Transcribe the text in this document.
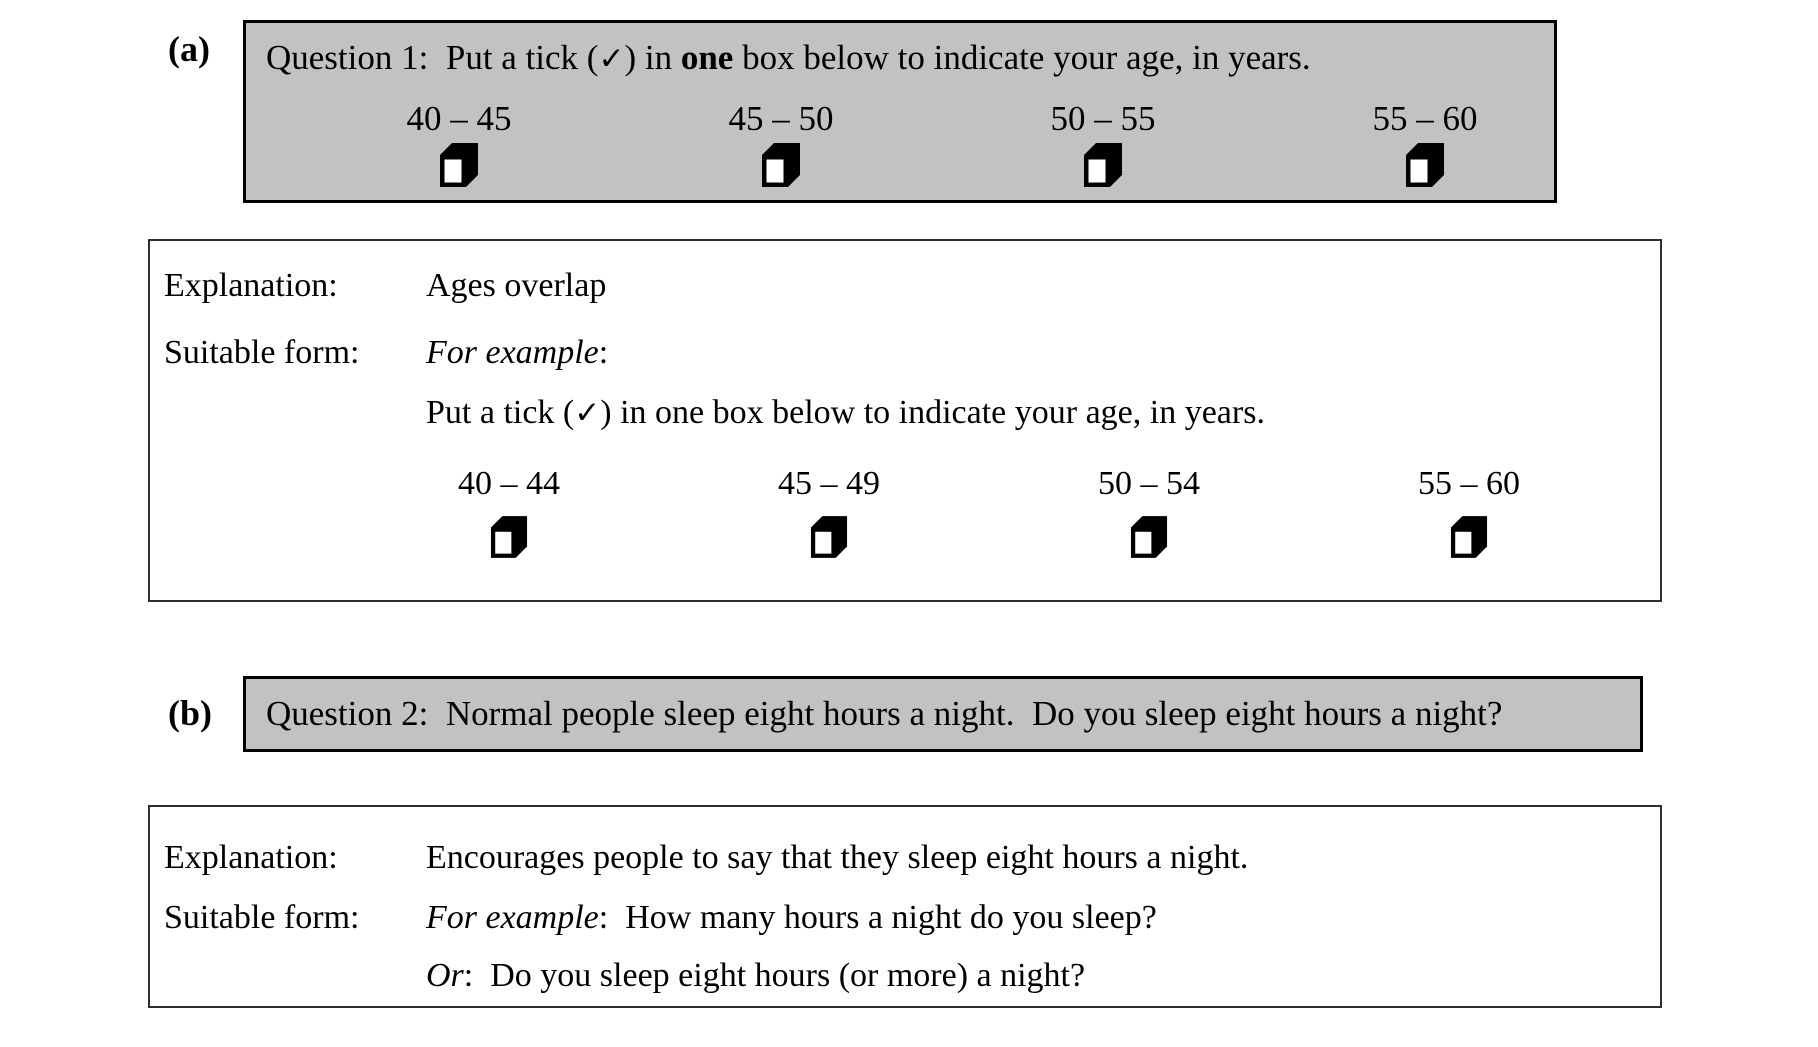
(a) Question 1:  Put a tick (✓) in one box below to indicate your age, in years.
40 – 45	45 – 50	50 – 55	55 – 60
Explanation:	Ages overlap
Suitable form:	For example:
Put a tick ( ✓ ) in one box below to indicate your age, in years.
40 – 44	45 – 49	50 – 54	55 – 60
(b) Question 2:  Normal people sleep eight hours a night.  Do you sleep eight hours a night?
Explanation:	Encourages people to say that they sleep eight hours a night.
Suitable form:	For example:  How many hours a night do you sleep?
Or :  Do you sleep eight hours (or more) a night?
